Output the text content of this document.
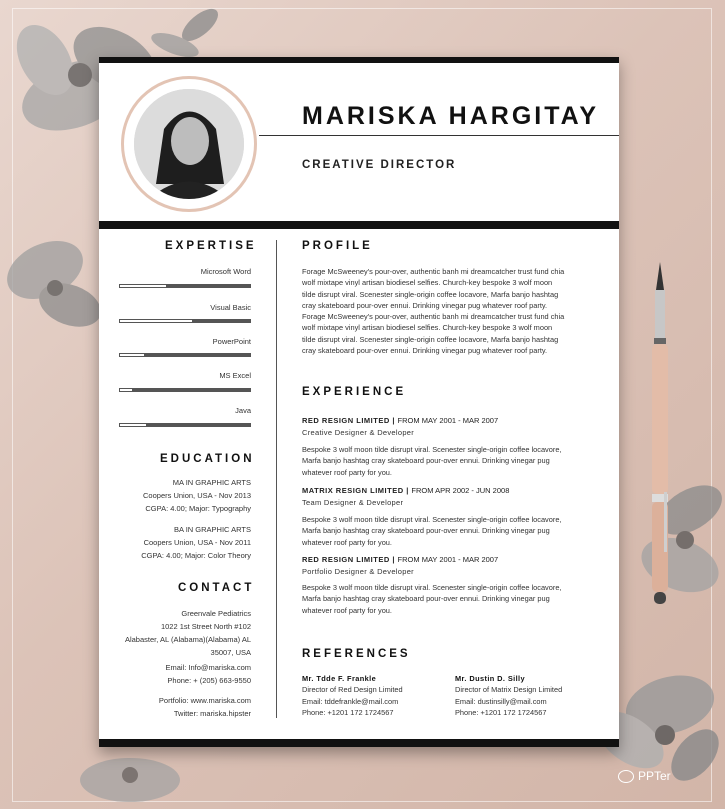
MARISKA HARGITAY
CREATIVE DIRECTOR
EXPERTISE
Microsoft Word
Visual Basic
PowerPoint
MS Excel
Java
EDUCATION
MA IN GRAPHIC ARTS
Coopers Union, USA - Nov 2013
CGPA: 4.00; Major: Typography
BA IN GRAPHIC ARTS
Coopers Union, USA - Nov 2011
CGPA: 4.00; Major: Color Theory
CONTACT
Greenvale Pediatrics
1022 1st Street North #102
Alabaster, AL (Alabama)(Alabama) AL
35007, USA
Email: Info@mariska.com
Phone: + (205) 663-9550
Portfolio: www.mariska.com
Twitter: mariska.hipster
PROFILE
Forage McSweeney's pour-over, authentic banh mi dreamcatcher trust fund chia
wolf mixtape vinyl artisan biodiesel selfies. Church-key bespoke 3 wolf moon
tilde disrupt viral. Scenester single-origin coffee locavore, Marfa banjo hashtag
cray skateboard pour-over ennui. Drinking vinegar pug whatever roof party.
Forage McSweeney's pour-over, authentic banh mi dreamcatcher trust fund chia
wolf mixtape vinyl artisan biodiesel selfies. Church-key bespoke 3 wolf moon
tilde disrupt viral. Scenester single-origin coffee locavore, Marfa banjo hashtag
cray skateboard pour-over ennui. Drinking vinegar pug whatever roof party.
EXPERIENCE
RED RESIGN LIMITED | FROM MAY 2001 - MAR 2007
Creative Designer & Developer
Bespoke 3 wolf moon tilde disrupt viral. Scenester single-origin coffee locavore,
Marfa banjo hashtag cray skateboard pour-over ennui. Drinking vinegar pug
whatever roof party for you.
MATRIX RESIGN LIMITED | FROM APR 2002 - JUN 2008
Team Designer & Developer
Bespoke 3 wolf moon tilde disrupt viral. Scenester single-origin coffee locavore,
Marfa banjo hashtag cray skateboard pour-over ennui. Drinking vinegar pug
whatever roof party for you.
RED RESIGN LIMITED | FROM MAY 2001 - MAR 2007
Portfolio Designer & Developer
Bespoke 3 wolf moon tilde disrupt viral. Scenester single-origin coffee locavore,
Marfa banjo hashtag cray skateboard pour-over ennui. Drinking vinegar pug
whatever roof party for you.
REFERENCES
Mr. Tdde F. Frankle
Director of Red Design Limited
Email: tddefrankle@mail.com
Phone: +1201 172 1724567
Mr. Dustin D. Silly
Director of Matrix Design Limited
Email: dustinsilly@mail.com
Phone: +1201 172 1724567
PPTer
